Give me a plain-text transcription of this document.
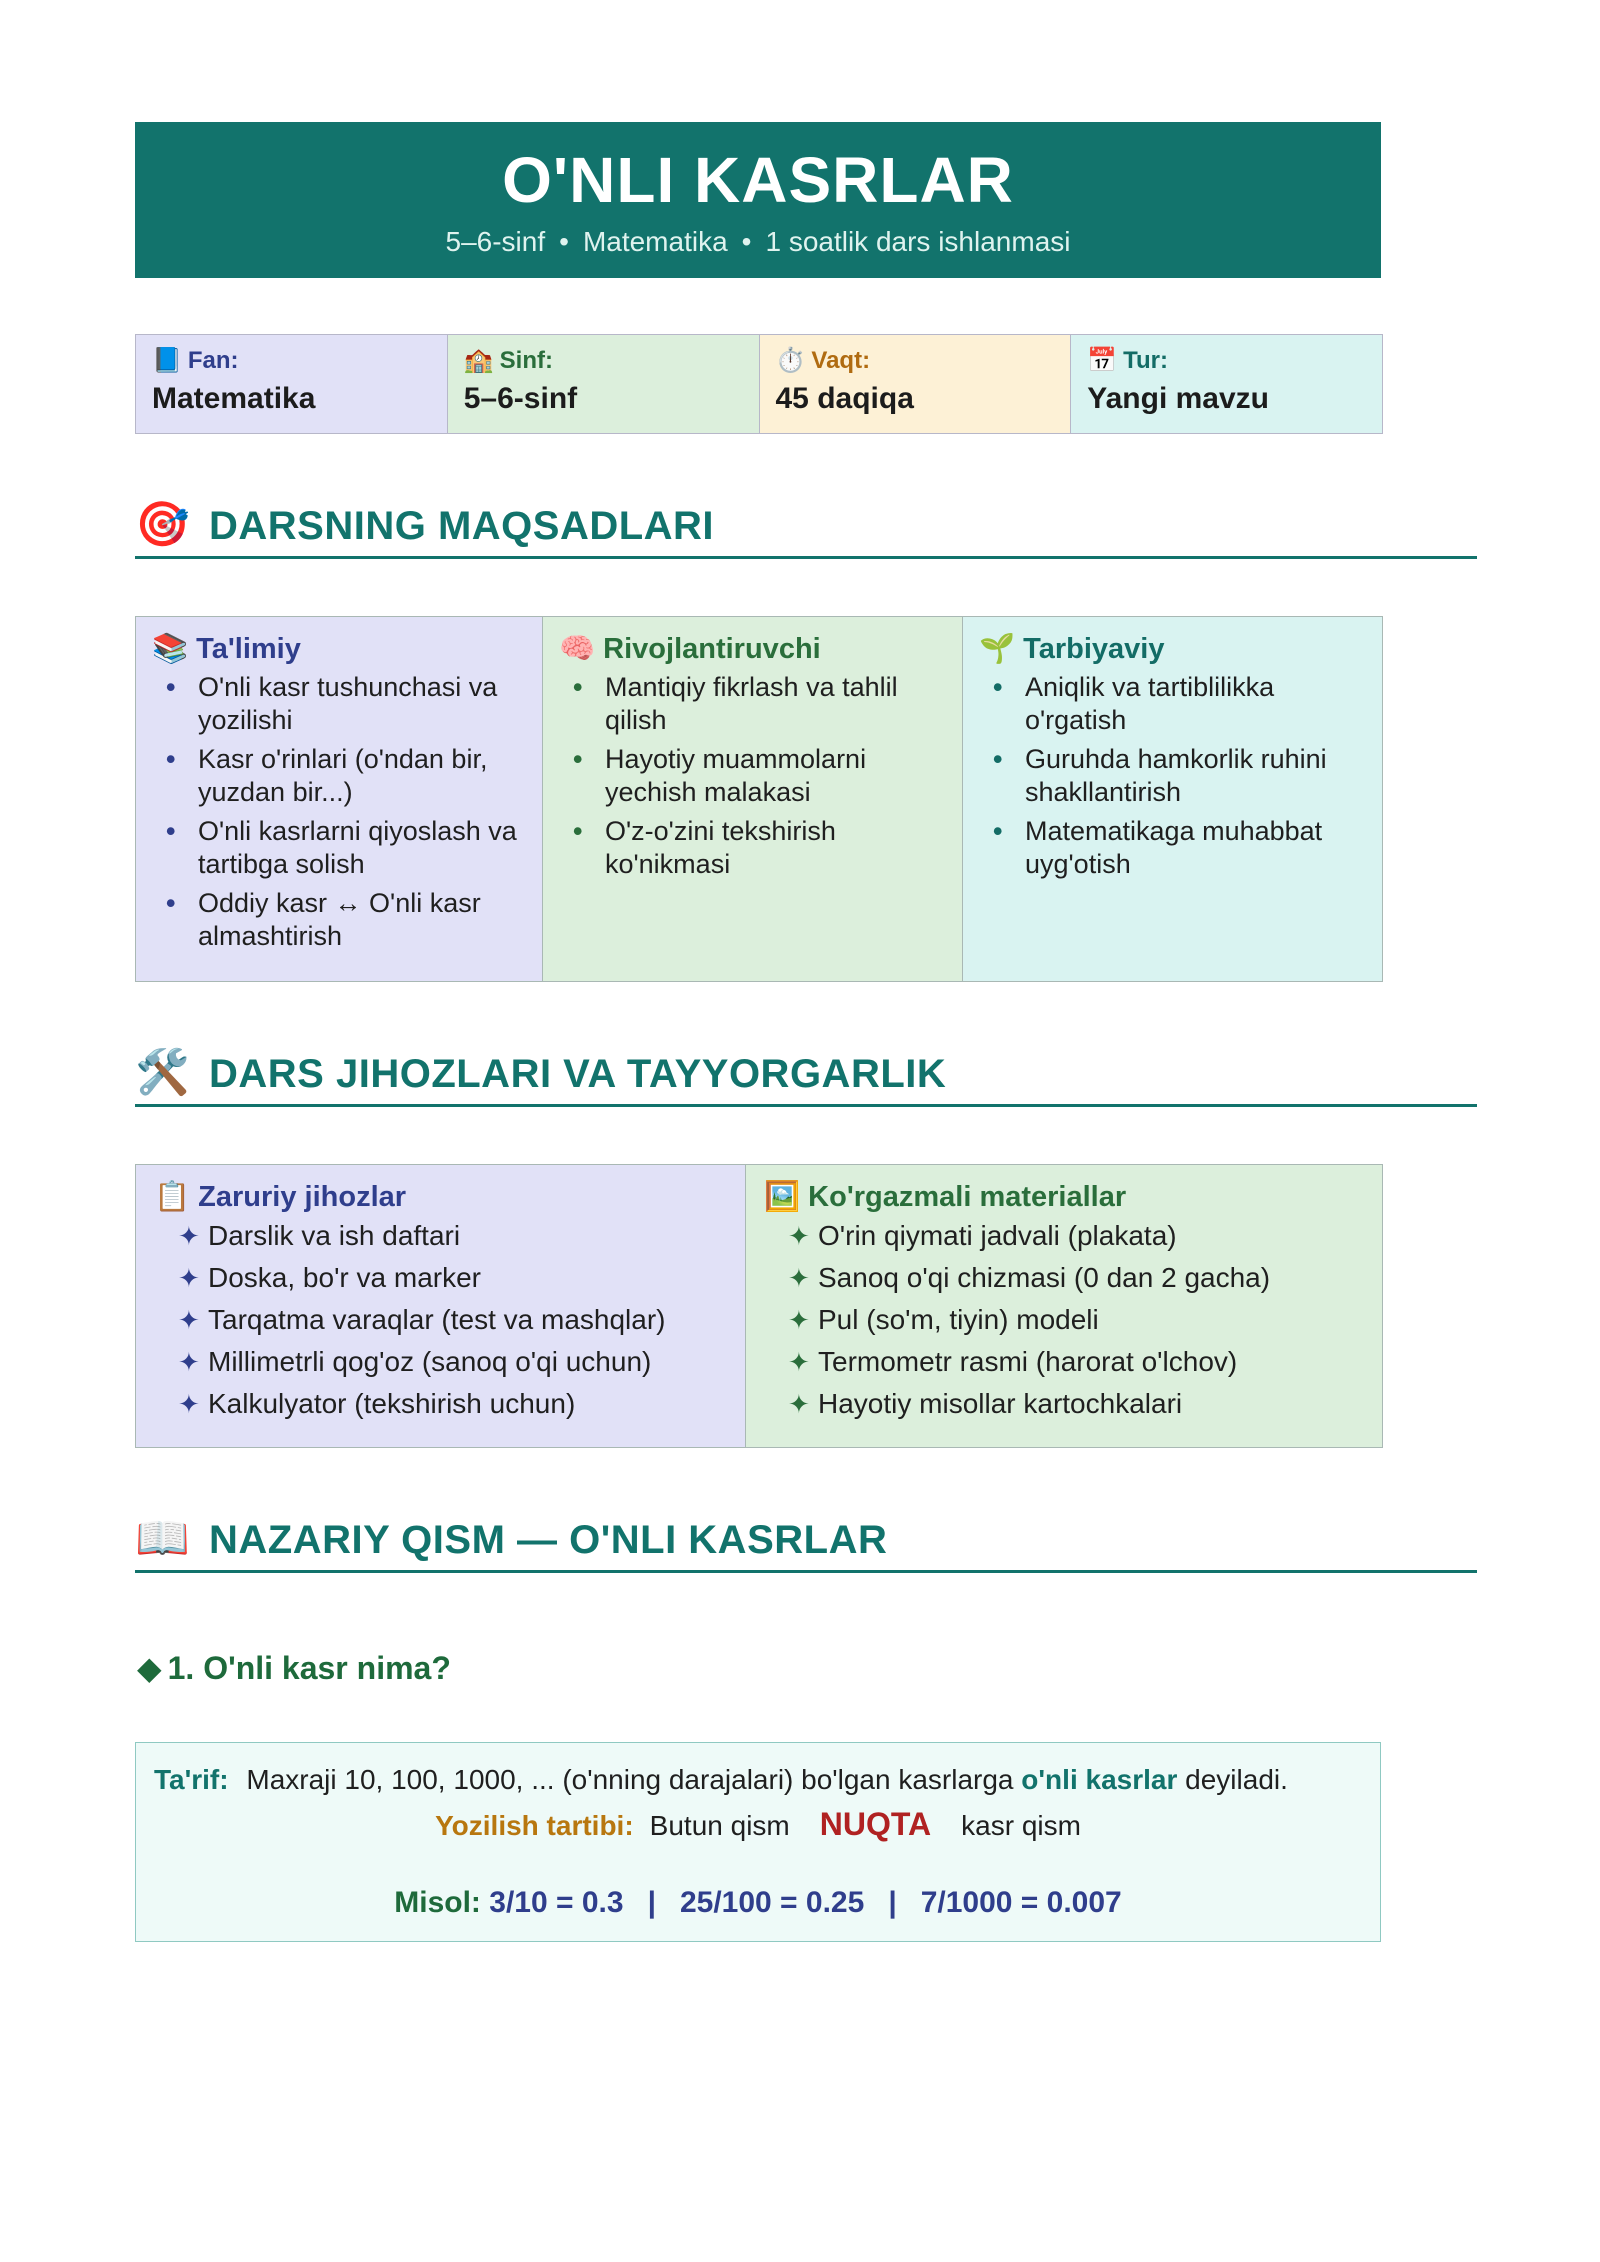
O'NLI KASRLAR
5–6-sinf • Matematika • 1 soatlik dars ishlanmasi
📘 Fan:
Matematika
🏫 Sinf:
5–6-sinf
⏱️ Vaqt:
45 daqiqa
📅 Tur:
Yangi mavzu
🎯 DARSNING MAQSADLARI
📚 Ta'limiy
• O'nli kasr tushunchasi va yozilishi
• Kasr o'rinlari (o'ndan bir, yuzdan bir...)
• O'nli kasrlarni qiyoslash va tartibga solish
• Oddiy kasr ↔ O'nli kasr almashtirish
🧠 Rivojlantiruvchi
• Mantiqiy fikrlash va tahlil qilish
• Hayotiy muammolarni yechish malakasi
• O'z-o'zini tekshirish ko'nikmasi
🌱 Tarbiyaviy
• Aniqlik va tartiblilikka o'rgatish
• Guruhda hamkorlik ruhini shakllantirish
• Matematikaga muhabbat uyg'otish
🛠️ DARS JIHOZLARI VA TAYYORGARLIK
📋 Zaruriy jihozlar
✦ Darslik va ish daftari
✦ Doska, bo'r va marker
✦ Tarqatma varaqlar (test va mashqlar)
✦ Millimetrli qog'oz (sanoq o'qi uchun)
✦ Kalkulyator (tekshirish uchun)
🖼️ Ko'rgazmali materiallar
✦ O'rin qiymati jadvali (plakata)
✦ Sanoq o'qi chizmasi (0 dan 2 gacha)
✦ Pul (so'm, tiyin) modeli
✦ Termometr rasmi (harorat o'lchov)
✦ Hayotiy misollar kartochkalari
📖 NAZARIY QISM — O'NLI KASRLAR
◆ 1. O'nli kasr nima?
Ta'rif: Maxraji 10, 100, 1000, ... (o'nning darajalari) bo'lgan kasrlarga o'nli kasrlar deyiladi.
Yozilish tartibi: Butun qism NUQTA kasr qism
Misol: 3/10 = 0.3 | 25/100 = 0.25 | 7/1000 = 0.007
